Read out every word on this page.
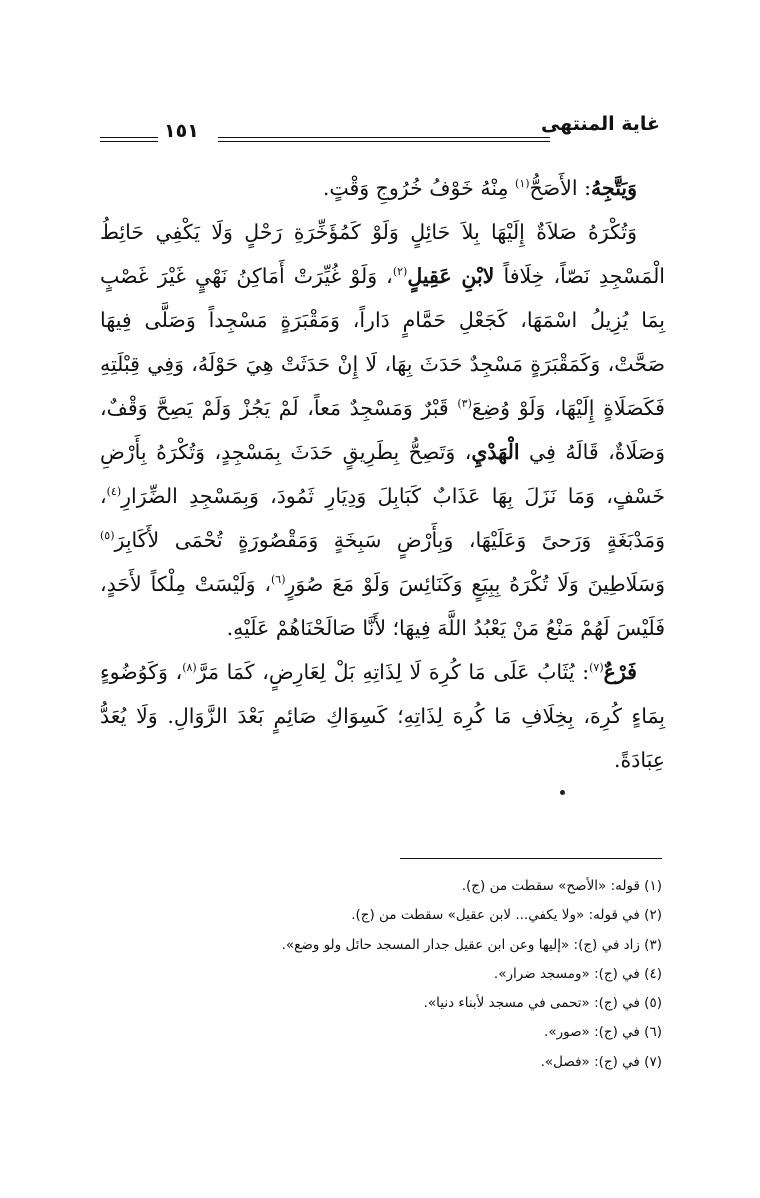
غاية المنتهى
١٥١

وَيَتَّجِهُ: الأَصَحُّ$^{(١)}$ مِنْهُ خَوْفُ خُرُوجِ وَقْتٍ.

وَتُكْرَهُ صَلاَةٌ إِلَيْهَا بِلاَ حَائِلٍ وَلَوْ كَمُؤَخِّرَةِ رَحْلٍ وَلَا يَكْفِي حَائِطُ الْمَسْجِدِ نَصّاً، خِلَافاً لابْنِ عَقِيلٍ$^{(٢)}$، وَلَوْ غُيِّرَتْ أَمَاكِنُ نَهْيٍ غَيْرَ غَصْبٍ بِمَا يُزِيلُ اسْمَهَا، كَجَعْلِ حَمَّامٍ دَاراً، وَمَقْبَرَةٍ مَسْجِداً وَصَلَّى فِيهَا صَحَّتْ، وَكَمَقْبَرَةٍ مَسْجِدٌ حَدَثَ بِهَا، لَا إِنْ حَدَثَتْ هِيَ حَوْلَهُ، وَفِي قِبْلَتِهِ فَكَصَلَاةٍ إِلَيْهَا، وَلَوْ وُضِعَ$^{(٣)}$ قَبْرٌ وَمَسْجِدٌ مَعاً، لَمْ يَجُزْ وَلَمْ يَصِحَّ وَقْفٌ، وَصَلَاةٌ، قَالَهُ فِي الْهَدْيِ، وَتَصِحُّ بِطَرِيقٍ حَدَثَ بِمَسْجِدٍ، وَتُكْرَهُ بِأَرْضِ خَسْفٍ، وَمَا نَزَلَ بِهَا عَذَابٌ كَبَابِلَ وَدِيَارِ ثَمُودَ، وَبِمَسْجِدِ الضِّرَارِ$^{(٤)}$، وَمَدْبَغَةٍ وَرَحىً وَعَلَيْهَا، وَبِأَرْضٍ سَبِخَةٍ وَمَقْصُورَةٍ تُحْمَى لأَكَابِرَ$^{(٥)}$ وَسَلَاطِينَ وَلَا تُكْرَهُ بِبِيَعٍ وَكَنَائِسَ وَلَوْ مَعَ صُوَرٍ$^{(٦)}$، وَلَيْسَتْ مِلْكاً لأَحَدٍ، فَلَيْسَ لَهُمْ مَنْعُ مَنْ يَعْبُدُ اللَّهَ فِيهَا؛ لأَنَّا صَالَحْنَاهُمْ عَلَيْهِ.

فَرْعٌ$^{(٧)}$: يُثَابُ عَلَى مَا كُرِهَ لَا لِذَاتِهِ بَلْ لِعَارِضٍ، كَمَا مَرَّ$^{(٨)}$، وَكَوُضُوءٍ بِمَاءٍ كُرِهَ، بِخِلَافِ مَا كُرِهَ لِذَاتِهِ؛ كَسِوَاكِ صَائِمٍ بَعْدَ الزَّوَالِ. وَلَا يُعَدُّ عِبَادَةً.

(١) قوله: «الأصح» سقطت من (ج).
(٢) في قوله: «ولا يكفي... لابن عقيل» سقطت من (ج).
(٣) زاد في (ج): «إليها وعن ابن عقيل جدار المسجد حائل ولو وضع».
(٤) في (ج): «ومسجد ضرار».
(٥) في (ج): «تحمى في مسجد لأبناء دنيا».
(٦) في (ج): «صور».
(٧) في (ج): «فصل».
